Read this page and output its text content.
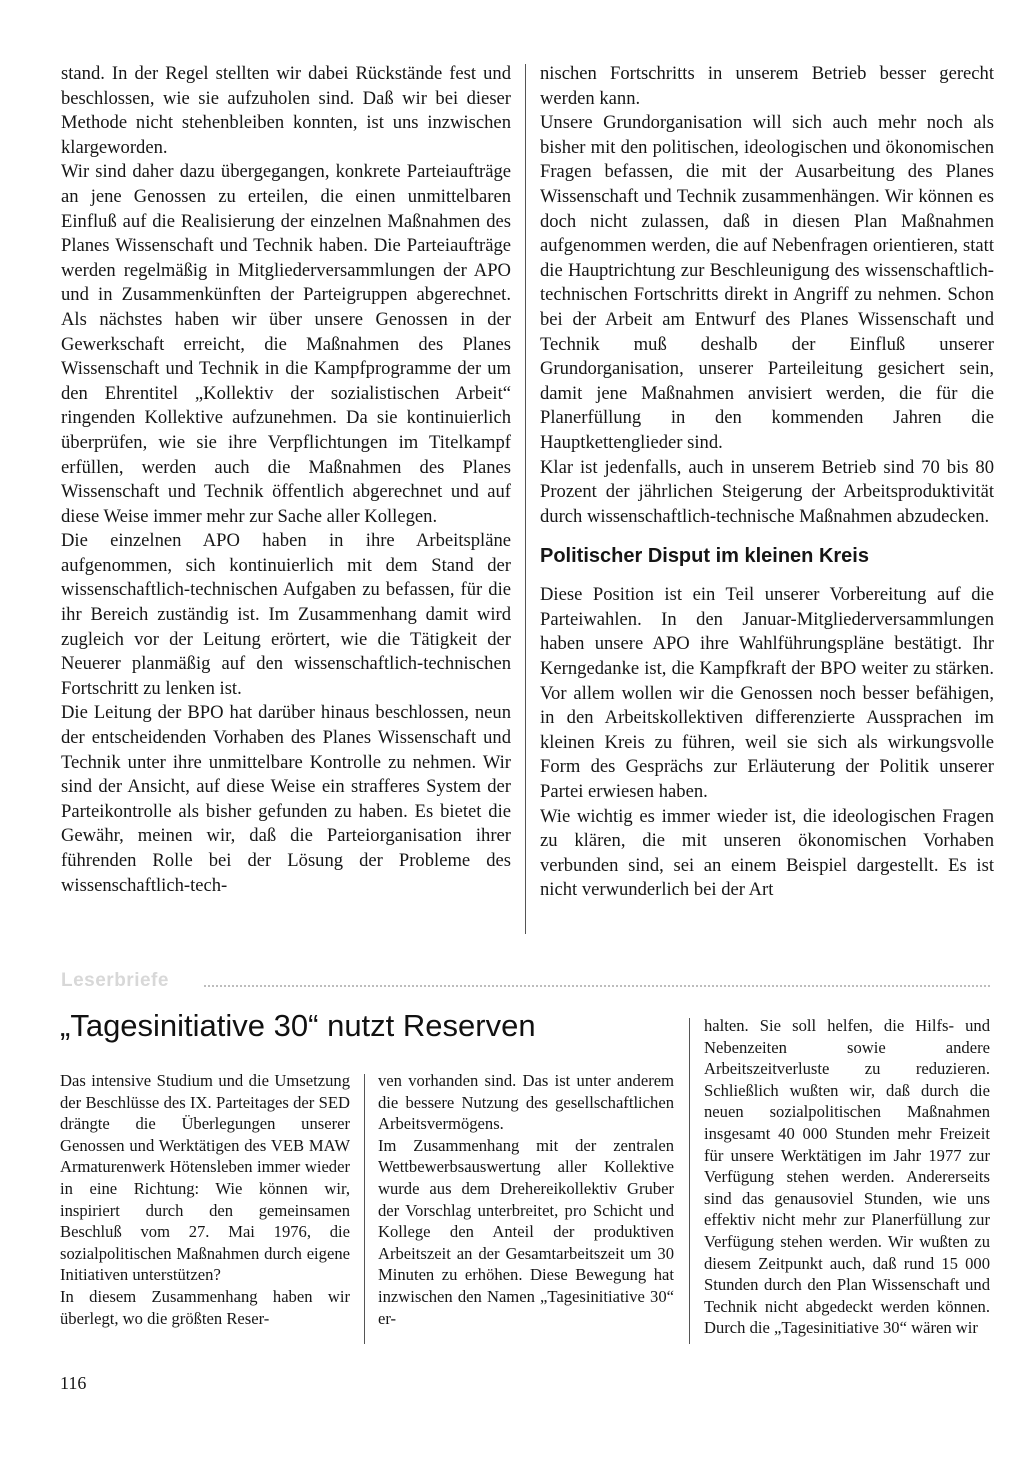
stand. In der Regel stellten wir dabei Rückstände fest und beschlossen, wie sie aufzuholen sind. Daß wir bei dieser Methode nicht stehenbleiben konnten, ist uns inzwischen klargeworden.

Wir sind daher dazu übergegangen, konkrete Parteiaufträge an jene Genossen zu erteilen, die einen unmittelbaren Einfluß auf die Realisierung der einzelnen Maßnahmen des Planes Wissenschaft und Technik haben. Die Parteiaufträge werden regelmäßig in Mitgliederversammlungen der APO und in Zusammenkünften der Parteigruppen abgerechnet. Als nächstes haben wir über unsere Genossen in der Gewerkschaft erreicht, die Maßnahmen des Planes Wissenschaft und Technik in die Kampfprogramme der um den Ehrentitel „Kollektiv der sozialistischen Arbeit“ ringenden Kollektive aufzunehmen. Da sie kontinuierlich überprüfen, wie sie ihre Verpflichtungen im Titelkampf erfüllen, werden auch die Maßnahmen des Planes Wissenschaft und Technik öffentlich abgerechnet und auf diese Weise immer mehr zur Sache aller Kollegen.

Die einzelnen APO haben in ihre Arbeitspläne aufgenommen, sich kontinuierlich mit dem Stand der wissenschaftlich-technischen Aufgaben zu befassen, für die ihr Bereich zuständig ist. Im Zusammenhang damit wird zugleich vor der Leitung erörtert, wie die Tätigkeit der Neuerer planmäßig auf den wissenschaftlich-technischen Fortschritt zu lenken ist.

Die Leitung der BPO hat darüber hinaus beschlossen, neun der entscheidenden Vorhaben des Planes Wissenschaft und Technik unter ihre unmittelbare Kontrolle zu nehmen. Wir sind der Ansicht, auf diese Weise ein strafferes System der Parteikontrolle als bisher gefunden zu haben. Es bietet die Gewähr, meinen wir, daß die Parteiorganisation ihrer führenden Rolle bei der Lösung der Probleme des wissenschaftlich-tech-

nischen Fortschritts in unserem Betrieb besser gerecht werden kann.

Unsere Grundorganisation will sich auch mehr noch als bisher mit den politischen, ideologischen und ökonomischen Fragen befassen, die mit der Ausarbeitung des Planes Wissenschaft und Technik zusammenhängen. Wir können es doch nicht zulassen, daß in diesen Plan Maßnahmen aufgenommen werden, die auf Nebenfragen orientieren, statt die Hauptrichtung zur Beschleunigung des wissenschaftlich-technischen Fortschritts direkt in Angriff zu nehmen. Schon bei der Arbeit am Entwurf des Planes Wissenschaft und Technik muß deshalb der Einfluß unserer Grundorganisation, unserer Parteileitung gesichert sein, damit jene Maßnahmen anvisiert werden, die für die Planerfüllung in den kommenden Jahren die Hauptkettenglieder sind.

Klar ist jedenfalls, auch in unserem Betrieb sind 70 bis 80 Prozent der jährlichen Steigerung der Arbeitsproduktivität durch wissenschaftlich-technische Maßnahmen abzudecken.

Politischer Disput im kleinen Kreis

Diese Position ist ein Teil unserer Vorbereitung auf die Parteiwahlen. In den Januar-Mitgliederversammlungen haben unsere APO ihre Wahlführungspläne bestätigt. Ihr Kerngedanke ist, die Kampfkraft der BPO weiter zu stärken. Vor allem wollen wir die Genossen noch besser befähigen, in den Arbeitskollektiven differenzierte Aussprachen im kleinen Kreis zu führen, weil sie sich als wirkungsvolle Form des Gesprächs zur Erläuterung der Politik unserer Partei erwiesen haben.

Wie wichtig es immer wieder ist, die ideologischen Fragen zu klären, die mit unseren ökonomischen Vorhaben verbunden sind, sei an einem Beispiel dargestellt. Es ist nicht verwunderlich bei der Art

Leserbriefe
„Tagesinitiative 30“ nutzt Reserven

Das intensive Studium und die Umsetzung der Beschlüsse des IX. Parteitages der SED drängte die Überlegungen unserer Genossen und Werktätigen des VEB MAW Armaturenwerk Hötensleben immer wieder in eine Richtung: Wie können wir, inspiriert durch den gemeinsamen Beschluß vom 27. Mai 1976, die sozialpolitischen Maßnahmen durch eigene Initiativen unterstützen?

In diesem Zusammenhang haben wir überlegt, wo die größten Reser-

ven vorhanden sind. Das ist unter anderem die bessere Nutzung des gesellschaftlichen Arbeitsvermögens.

Im Zusammenhang mit der zentralen Wettbewerbsauswertung aller Kollektive wurde aus dem Drehereikollektiv Gruber der Vorschlag unterbreitet, pro Schicht und Kollege den Anteil der produktiven Arbeitszeit an der Gesamtarbeitszeit um 30 Minuten zu erhöhen. Diese Bewegung hat inzwischen den Namen „Tagesinitiative 30“ er-

halten. Sie soll helfen, die Hilfs- und Nebenzeiten sowie andere Arbeitszeitverluste zu reduzieren. Schließlich wußten wir, daß durch die neuen sozialpolitischen Maßnahmen insgesamt 40 000 Stunden mehr Freizeit für unsere Werktätigen im Jahr 1977 zur Verfügung stehen werden. Andererseits sind das genausoviel Stunden, wie uns effektiv nicht mehr zur Planerfüllung zur Verfügung stehen werden. Wir wußten zu diesem Zeitpunkt auch, daß rund 15 000 Stunden durch den Plan Wissenschaft und Technik nicht abgedeckt werden können. Durch die „Tagesinitiative 30“ wären wir

116
